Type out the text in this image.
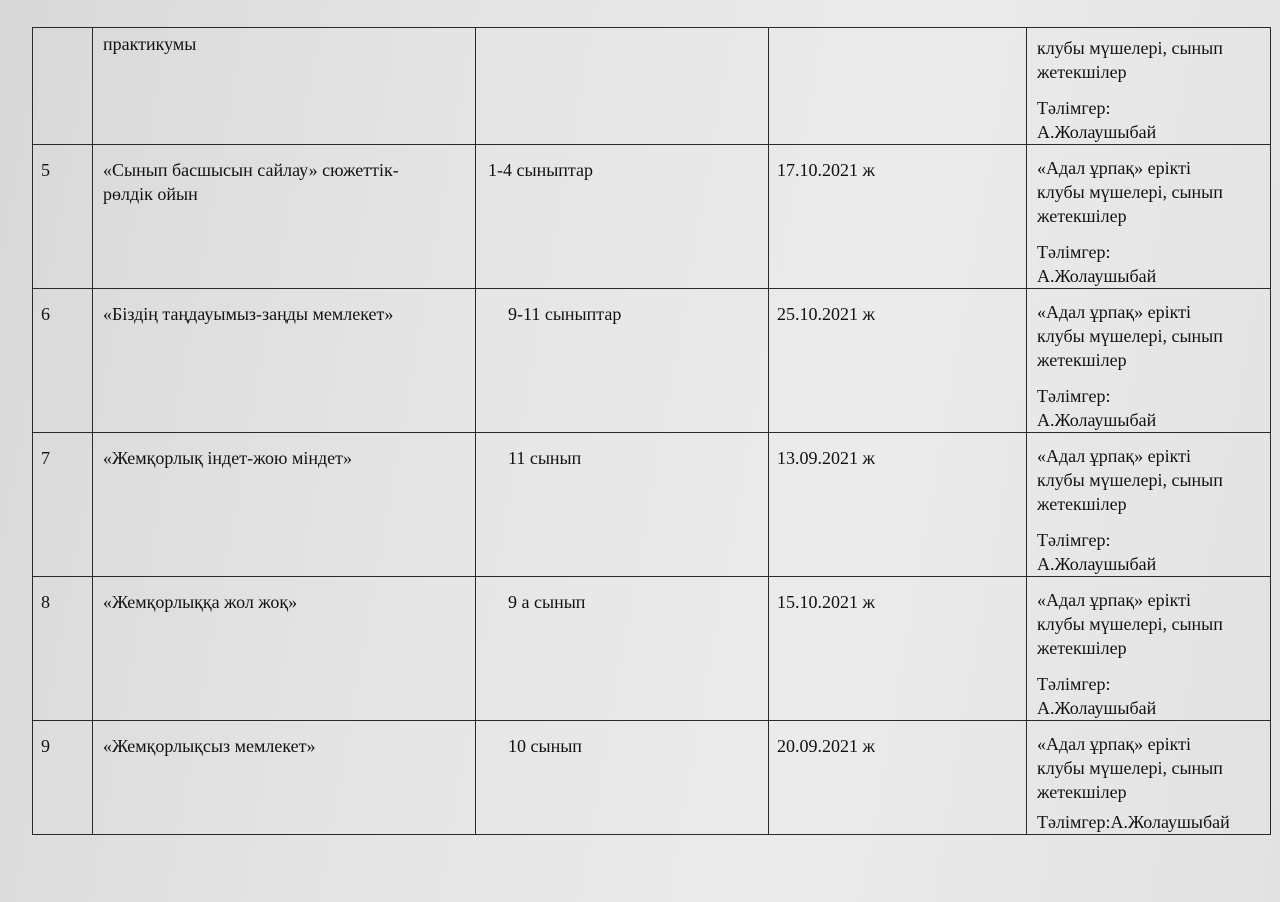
	практикумы			клубы мүшелері, сынып
жетекшілер
Тәлімгер:
А.Жолаушыбай

5	«Сынып басшысын сайлау» сюжеттік-
рөлдік ойын	1-4 сыныптар	17.10.2021 ж	«Адал ұрпақ» ерікті
клубы мүшелері, сынып
жетекшілер
Тәлімгер:
А.Жолаушыбай

6	«Біздің таңдауымыз-заңды мемлекет»	9-11 сыныптар	25.10.2021 ж	«Адал ұрпақ» ерікті
клубы мүшелері, сынып
жетекшілер
Тәлімгер:
А.Жолаушыбай

7	«Жемқорлық індет-жою міндет»	11 сынып	13.09.2021 ж	«Адал ұрпақ» ерікті
клубы мүшелері, сынып
жетекшілер
Тәлімгер:
А.Жолаушыбай

8	«Жемқорлыққа жол жоқ»	9 а сынып	15.10.2021 ж	«Адал ұрпақ» ерікті
клубы мүшелері, сынып
жетекшілер
Тәлімгер:
А.Жолаушыбай

9	«Жемқорлықсыз мемлекет»	10 сынып	20.09.2021 ж	«Адал ұрпақ» ерікті
клубы мүшелері, сынып
жетекшілер
Тәлімгер:А.Жолаушыбай
